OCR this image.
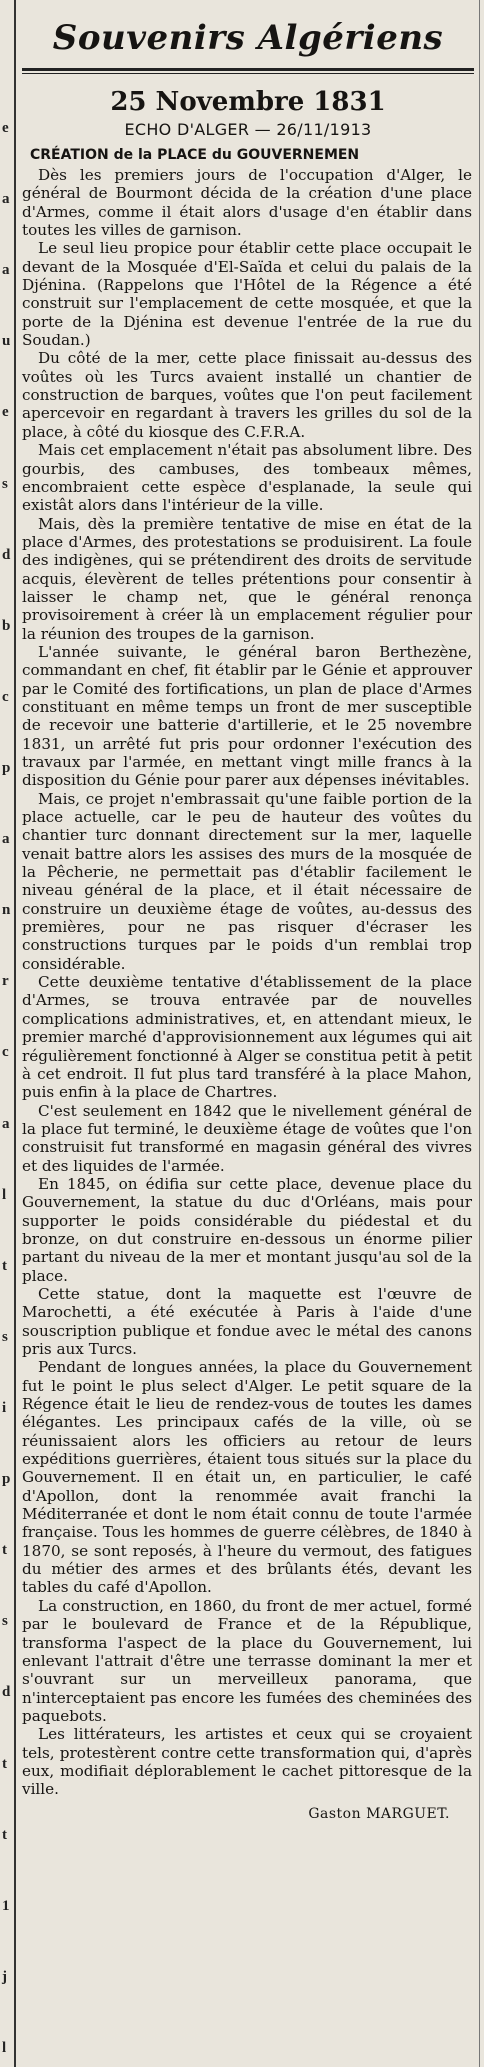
e
a
a
u
e
s
d
b
c
p
a
n
r
c
a
l
t
s
i
p
t
s
d
t
t
1
j
l
Souvenirs Algériens
25 Novembre 1831
ECHO D'ALGER — 26/11/1913
CRÉATION de la PLACE du GOUVERNEMEN

Dès les premiers jours de l'occupation d'Alger, le général de Bourmont décida de la création d'une place d'Armes, comme il était alors d'usage d'en établir dans toutes les villes de garnison.

Le seul lieu propice pour établir cette place occupait le devant de la Mosquée d'El-Saïda et celui du palais de la Djénina. (Rappelons que l'Hôtel de la Régence a été construit sur l'emplacement de cette mosquée, et que la porte de la Djénina est devenue l'entrée de la rue du Soudan.)

Du côté de la mer, cette place finissait au-dessus des voûtes où les Turcs avaient installé un chantier de construction de barques, voûtes que l'on peut facilement apercevoir en regardant à travers les grilles du sol de la place, à côté du kiosque des C.F.R.A.

Mais cet emplacement n'était pas absolument libre. Des gourbis, des cambuses, des tombeaux mêmes, encombraient cette espèce d'esplanade, la seule qui existât alors dans l'intérieur de la ville.

Mais, dès la première tentative de mise en état de la place d'Armes, des protestations se produisirent. La foule des indigènes, qui se prétendirent des droits de servitude acquis, élevèrent de telles prétentions pour consentir à laisser le champ net, que le général renonça provisoirement à créer là un emplacement régulier pour la réunion des troupes de la garnison.

L'année suivante, le général baron Berthezène, commandant en chef, fit établir par le Génie et approuver par le Comité des fortifications, un plan de place d'Armes constituant en même temps un front de mer susceptible de recevoir une batterie d'artillerie, et le 25 novembre 1831, un arrêté fut pris pour ordonner l'exécution des travaux par l'armée, en mettant vingt mille francs à la disposition du Génie pour parer aux dépenses inévitables.

Mais, ce projet n'embrassait qu'une faible portion de la place actuelle, car le peu de hauteur des voûtes du chantier turc donnant directement sur la mer, laquelle venait battre alors les assises des murs de la mosquée de la Pêcherie, ne permettait pas d'établir facilement le niveau général de la place, et il était nécessaire de construire un deuxième étage de voûtes, au-dessus des premières, pour ne pas risquer d'écraser les constructions turques par le poids d'un remblai trop considérable.

Cette deuxième tentative d'établissement de la place d'Armes, se trouva entravée par de nouvelles complications administratives, et, en attendant mieux, le premier marché d'approvisionnement aux légumes qui ait régulièrement fonctionné à Alger se constitua petit à petit à cet endroit. Il fut plus tard transféré à la place Mahon, puis enfin à la place de Chartres.

C'est seulement en 1842 que le nivellement général de la place fut terminé, le deuxième étage de voûtes que l'on construisit fut transformé en magasin général des vivres et des liquides de l'armée.

En 1845, on édifia sur cette place, devenue place du Gouvernement, la statue du duc d'Orléans, mais pour supporter le poids considérable du piédestal et du bronze, on dut construire en-dessous un énorme pilier partant du niveau de la mer et montant jusqu'au sol de la place.

Cette statue, dont la maquette est l'œuvre de Marochetti, a été exécutée à Paris à l'aide d'une souscription publique et fondue avec le métal des canons pris aux Turcs.

Pendant de longues années, la place du Gouvernement fut le point le plus select d'Alger. Le petit square de la Régence était le lieu de rendez-vous de toutes les dames élégantes. Les principaux cafés de la ville, où se réunissaient alors les officiers au retour de leurs expéditions guerrières, étaient tous situés sur la place du Gouvernement. Il en était un, en particulier, le café d'Apollon, dont la renommée avait franchi la Méditerranée et dont le nom était connu de toute l'armée française. Tous les hommes de guerre célèbres, de 1840 à 1870, se sont reposés, à l'heure du vermout, des fatigues du métier des armes et des brûlants étés, devant les tables du café d'Apollon.

La construction, en 1860, du front de mer actuel, formé par le boulevard de France et de la République, transforma l'aspect de la place du Gouvernement, lui enlevant l'attrait d'être une terrasse dominant la mer et s'ouvrant sur un merveilleux panorama, que n'interceptaient pas encore les fumées des cheminées des paquebots.

Les littérateurs, les artistes et ceux qui se croyaient tels, protestèrent contre cette transformation qui, d'après eux, modifiait déplorablement le cachet pittoresque de la ville.

Gaston MARGUET.
